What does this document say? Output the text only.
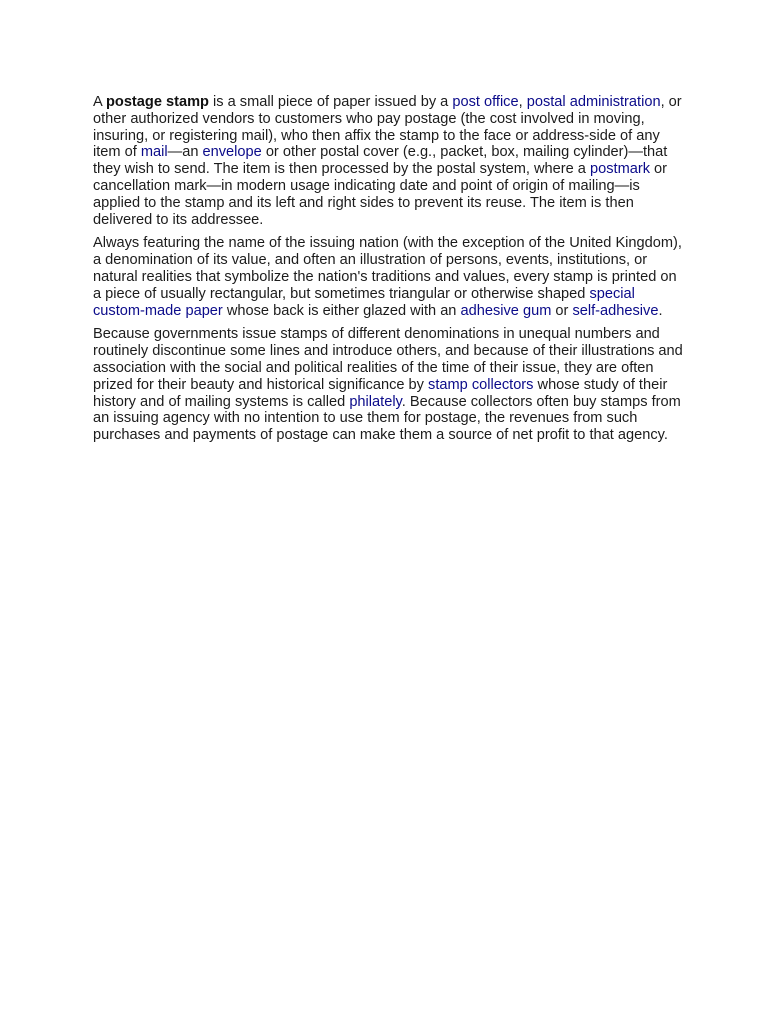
A postage stamp is a small piece of paper issued by a post office, postal administration, or other authorized vendors to customers who pay postage (the cost involved in moving, insuring, or registering mail), who then affix the stamp to the face or address-side of any item of mail—an envelope or other postal cover (e.g., packet, box, mailing cylinder)—that they wish to send. The item is then processed by the postal system, where a postmark or cancellation mark—in modern usage indicating date and point of origin of mailing—is applied to the stamp and its left and right sides to prevent its reuse. The item is then delivered to its addressee.

Always featuring the name of the issuing nation (with the exception of the United Kingdom), a denomination of its value, and often an illustration of persons, events, institutions, or natural realities that symbolize the nation's traditions and values, every stamp is printed on a piece of usually rectangular, but sometimes triangular or otherwise shaped special custom-made paper whose back is either glazed with an adhesive gum or self-adhesive.

Because governments issue stamps of different denominations in unequal numbers and routinely discontinue some lines and introduce others, and because of their illustrations and association with the social and political realities of the time of their issue, they are often prized for their beauty and historical significance by stamp collectors whose study of their history and of mailing systems is called philately. Because collectors often buy stamps from an issuing agency with no intention to use them for postage, the revenues from such purchases and payments of postage can make them a source of net profit to that agency.
